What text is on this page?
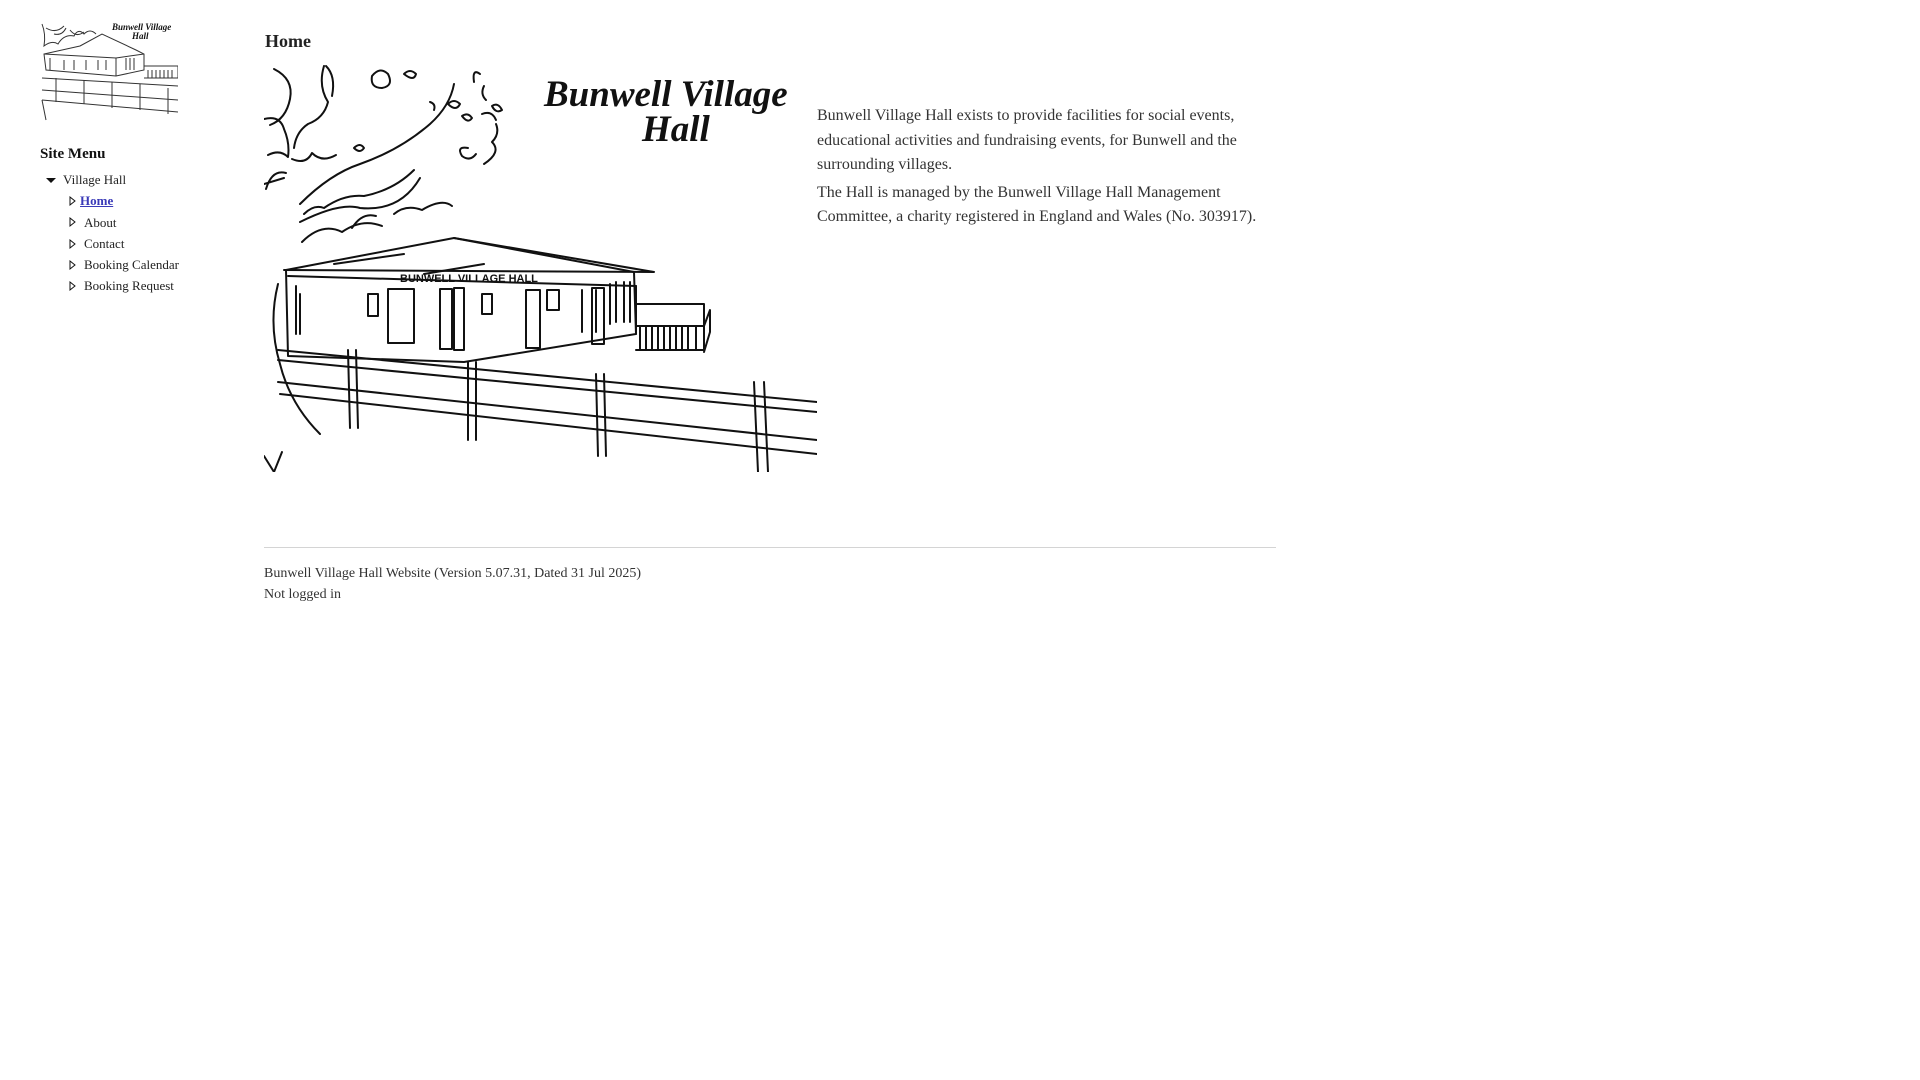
Bunwell Village
Hall
Site Menu
Village Hall
Home
About
Contact
Booking Calendar
Booking Request
Home
Bunwell Village
Hall
BUNWELL VILLAGE HALL

Bunwell Village Hall exists to provide facilities for social events, educational activities and fundraising events, for Bunwell and the surrounding villages.

The Hall is managed by the Bunwell Village Hall Management Committee, a charity registered in England and Wales (No. 303917).

Bunwell Village Hall Website (Version 5.07.31, Dated 31 Jul 2025)
Not logged in
